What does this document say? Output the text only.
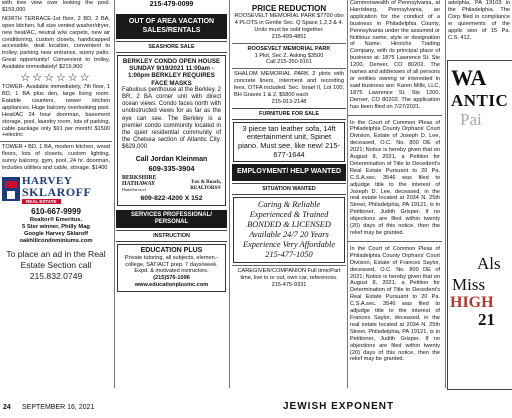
with tree view over looking the pool. $159,000
NORTH TERRACE-1st floor, 2 BD, 2 BA, open kitchen, full size vented washer/dryer, new heat/AC, neutral w/w carpets, new air conditioning, custom closets, handicapped accessible, deal location, convenient to trolley, parking near entrance, sunny patio. Great opportunity! Convenient to trolley. Available immediately! $219,900
☆☆☆☆☆☆
TOWER- Available immediately, 7th floor, 1 BD, 1 BA plus den, large living room. Eatable counters, newer kitchen appliances. Huge balcony overlooking pool. Heat/AC 24 hour doorman, basement storage, pool, laundry room, lots of parking, cable package only $91 per month! $1500 +electric
TOWER • BD, 1 BA, modern kitchen, wood floors, lots of closets, custom lighting, sunny balcony, gym, pool, 24 hr. doorman, includes utilities and cable, storage. $1400
HARVEY
SKLAROFF
REAL ESTATE
610-667-9999
Realtor® Emeritus.
5 Ster winner, Philly Mag
Google Harvey Sklaroff
oakhillcondominiums.com
To place an ad in the Real Estate Section call 215.832.0749
215-479-0099
OUT OF AREA VACATION SALES/RENTALS
SEASHORE SALE
BERKLEY CONDO OPEN HOUSE SUNDAY 9/19/2021 11:00am - 1:00pm BERKLEY REQUIRES FACE MASKS
Fabulous penthouse at the Berkley. 2 BR, 2 BA corner unit with direct ocean views. Condo faces north with unobstructed views for as far as the eye can see. The Berkley is a premier condo community located in the quiet residential community of the Chelsea section of Atlantic City. $629,000
Call Jordan Kleinman
609-335-3904
BERKSHIRE
HATHAWAY
HomeServices
Fox & Roach, REALTORS®
609-822-4200 X 152
SERVICES PROFESSIONAL/ PERSONAL
INSTRUCTION
EDUCATION PLUS
Private tutoring, all subjects, elemen.-college, SAT/ACT prep. 7 days/week. Expd. & motivated instructors.
(215)576-1096
www.educationplusinc.com
PRICE REDUCTION
ROOSEVELT MEMORIAL PARK $7700 obo
4 PLOTS in Gentle Sec. Q Space 1,2,3 & 4.
Units must be sold together.
215-499-4851
ROOSEVELT MEMORIAL PARK
1 Plot, Sec Z. Asking $3500
Call 215-350-9161
SHALOM MEMORIAL PARK 2 plots with concrete liners, interment and recording fees, OTFA included. Sec. Israel II, Lot 100, BH Graves 1 & 2. $5800 each
215-913-2148
FURNITURE FOR SALE
3 piece tan leather sofa, 14ft entertainment unit, Spinet piano. Must see, like new! 215-677-1644
EMPLOYMENT/ HELP WANTED
SITUATION WANTED
Caring & Reliable Experienced & Trained BONDED & LICENSED Available 24/7 20 Years Experience Very Affordable 215-477-1050
CAREGIVER/COMPANION Full time/Part time, live in or out, own car, references.
215-475-9331
Commonwealth of Pennsylvania, at Harrisburg, Pennsylvania, an application for the conduct of a business in Philadelphia County, Pennsylvania under the assumed or fictitious name, style or designation of Name: Hinrichs Trading Company, with its principal place of business at: 1875 Lawrence St. Ste 1200, Denver, CO 80202. The names and addresses of all persons or entities owning or interested in said business are: Karen Mills, LLC, 1875 Lawrence St. Ste 1200, Denver, CO 80202. The application has been filed on 7/27/2021.
In the Court of Common Pleas of Philadelphia County Orphans' Court Division, Estate of Joseph D. Lee, deceased, O.C. No. 800 DE of 2021; Notice is hereby given that on August 8, 2021, a Petition for Determination of Title to Decedent's Real Estate Pursuant to 20 Pa. C.S.A.sec. 3546 was filed to adjudge title to the interest of Joseph D. Lee, deceased, in the real estate located at 2034 N. 25th Street, Philadelphia, PA 19121, is in Petitioner, Judith Grisper. If no objections are filed within twenty (20) days of this notice, then the relief may be granted.
In the Court of Common Pleas of Philadelphia County Orphans' Court Division, Estate of Frances Saylor, deceased, O.C. No. 800 DE of 2021; Notice is hereby given that on August 8, 2021, a Petition for Determination of Title to Decedent's Real Estate Pursuant to 20 Pa. C.S.A.sec. 3546 was filed to adjudge title to the interest of Frances Saylor, deceased, in the real estate located at 2034 N. 25th Street, Philadelphia, PA 19121, is in Petitioner, Judith Grisper. If no objections are filed within twenty (20) days of this notice, then the relief may be granted.
adelphia, PA 19103 in the Philadelphia. The Corp filed in compliance w quirements of the applic sion of 15 Pa. C.S. 412.
WA
ANTIC
Pai
Als
Miss
HIGH
21
24 SEPTEMBER 16, 2021	JEWISH EXPONENT
